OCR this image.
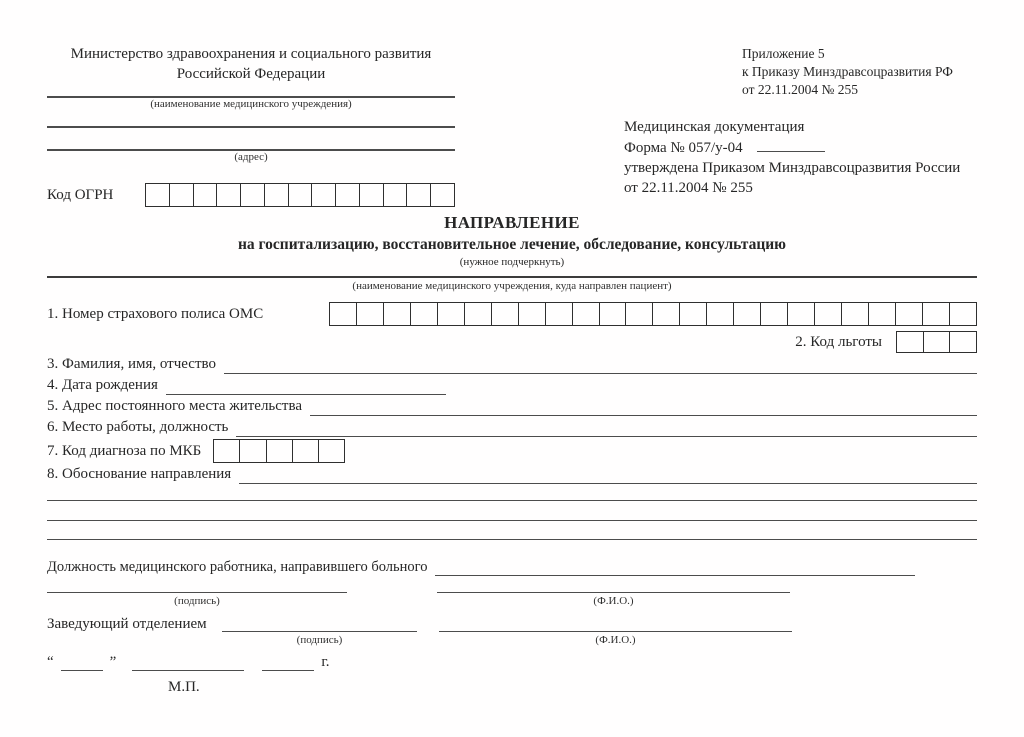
Министерство здравоохранения и социального развития
Российской Федерации
(наименование медицинского учреждения)
(адрес)
Код ОГРН
Приложение 5
к Приказу Минздравсоцразвития РФ
от 22.11.2004 № 255
Медицинская документация
Форма № 057/у-04
утверждена Приказом Минздравсоцразвития России
от 22.11.2004 № 255
НАПРАВЛЕНИЕ
на госпитализацию, восстановительное лечение, обследование, консультацию
(нужное подчеркнуть)
(наименование медицинского учреждения, куда направлен пациент)
1. Номер страхового полиса ОМС
2. Код льготы
3. Фамилия, имя, отчество
4. Дата рождения
5. Адрес постоянного места жительства
6. Место работы, должность
7. Код диагноза по МКБ
8. Обоснование направления
Должность медицинского работника, направившего больного
(подпись)	(Ф.И.О.)
Заведующий отделением
(подпись)	(Ф.И.О.)
“	”	г.
М.П.
